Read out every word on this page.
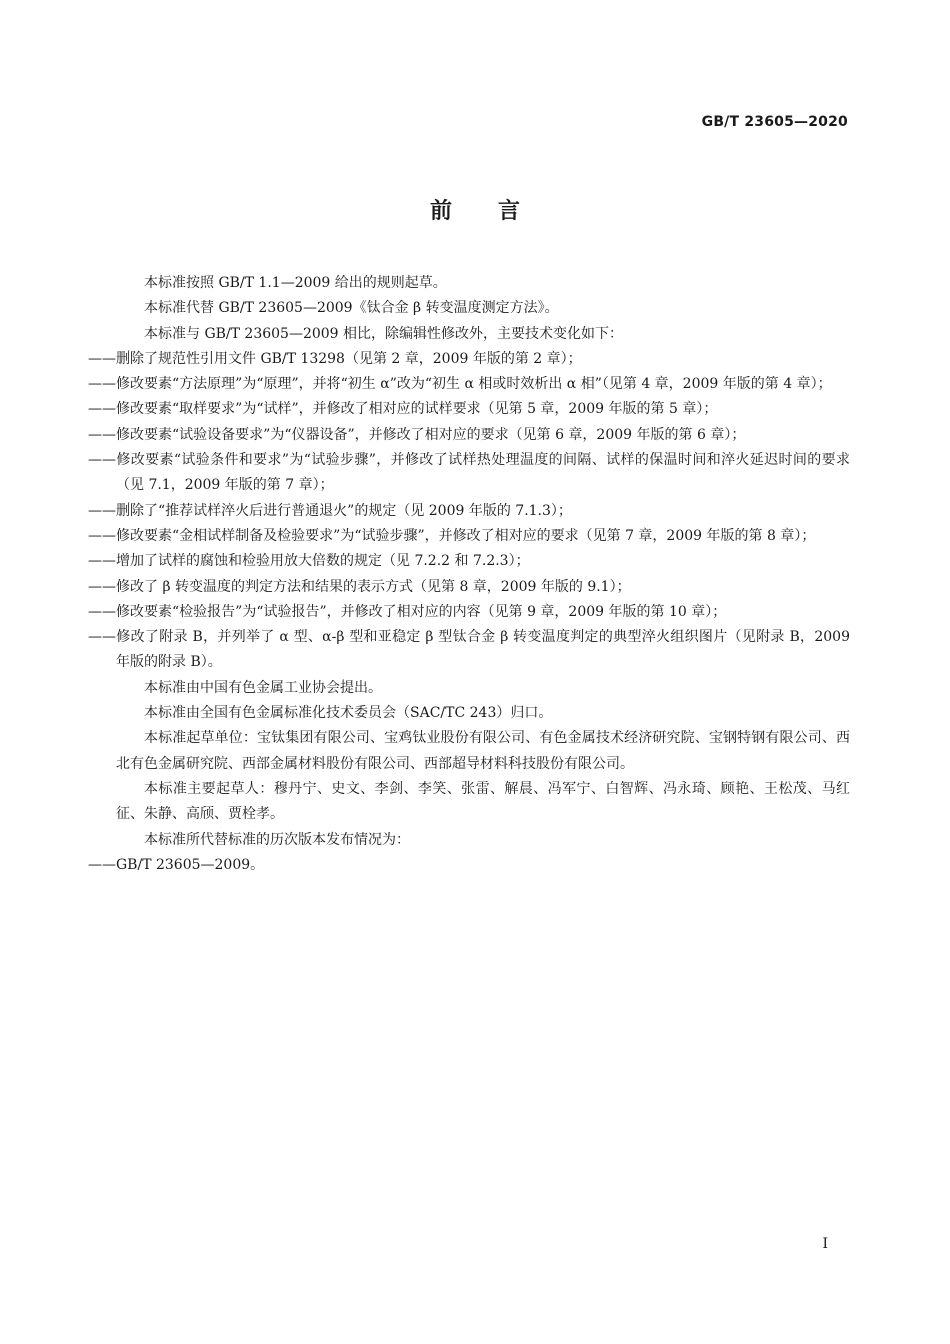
GB/T 23605—2020
前言

本标准按照 GB/T 1.1—2009 给出的规则起草。

本标准代替 GB/T 23605—2009《钛合金 β 转变温度测定方法》。

本标准与 GB/T 23605—2009 相比，除编辑性修改外，主要技术变化如下：

——删除了规范性引用文件 GB/T 13298（见第 2 章，2009 年版的第 2 章）；

——修改要素“方法原理”为“原理”，并将“初生 α”改为“初生 α 相或时效析出 α 相”（见第 4 章，2009 年版的第 4 章）；

——修改要素“取样要求”为“试样”，并修改了相对应的试样要求（见第 5 章，2009 年版的第 5 章）；

——修改要素“试验设备要求”为“仪器设备”，并修改了相对应的要求（见第 6 章，2009 年版的第 6 章）；

——修改要素“试验条件和要求”为“试验步骤”，并修改了试样热处理温度的间隔、试样的保温时间和淬火延迟时间的要求（见 7.1，2009 年版的第 7 章）；

——删除了“推荐试样淬火后进行普通退火”的规定（见 2009 年版的 7.1.3）；

——修改要素“金相试样制备及检验要求”为“试验步骤”，并修改了相对应的要求（见第 7 章，2009 年版的第 8 章）；

——增加了试样的腐蚀和检验用放大倍数的规定（见 7.2.2 和 7.2.3）；

——修改了 β 转变温度的判定方法和结果的表示方式（见第 8 章，2009 年版的 9.1）；

——修改要素“检验报告”为“试验报告”，并修改了相对应的内容（见第 9 章，2009 年版的第 10 章）；

——修改了附录 B，并列举了 α 型、α-β 型和亚稳定 β 型钛合金 β 转变温度判定的典型淬火组织图片（见附录 B，2009 年版的附录 B）。

本标准由中国有色金属工业协会提出。

本标准由全国有色金属标准化技术委员会（SAC/TC 243）归口。

本标准起草单位：宝钛集团有限公司、宝鸡钛业股份有限公司、有色金属技术经济研究院、宝钢特钢有限公司、西北有色金属研究院、西部金属材料股份有限公司、西部超导材料科技股份有限公司。

本标准主要起草人：穆丹宁、史文、李剑、李笑、张雷、解晨、冯军宁、白智辉、冯永琦、顾艳、王松茂、马红征、朱静、高颀、贾栓孝。

本标准所代替标准的历次版本发布情况为：

——GB/T 23605—2009。

I
